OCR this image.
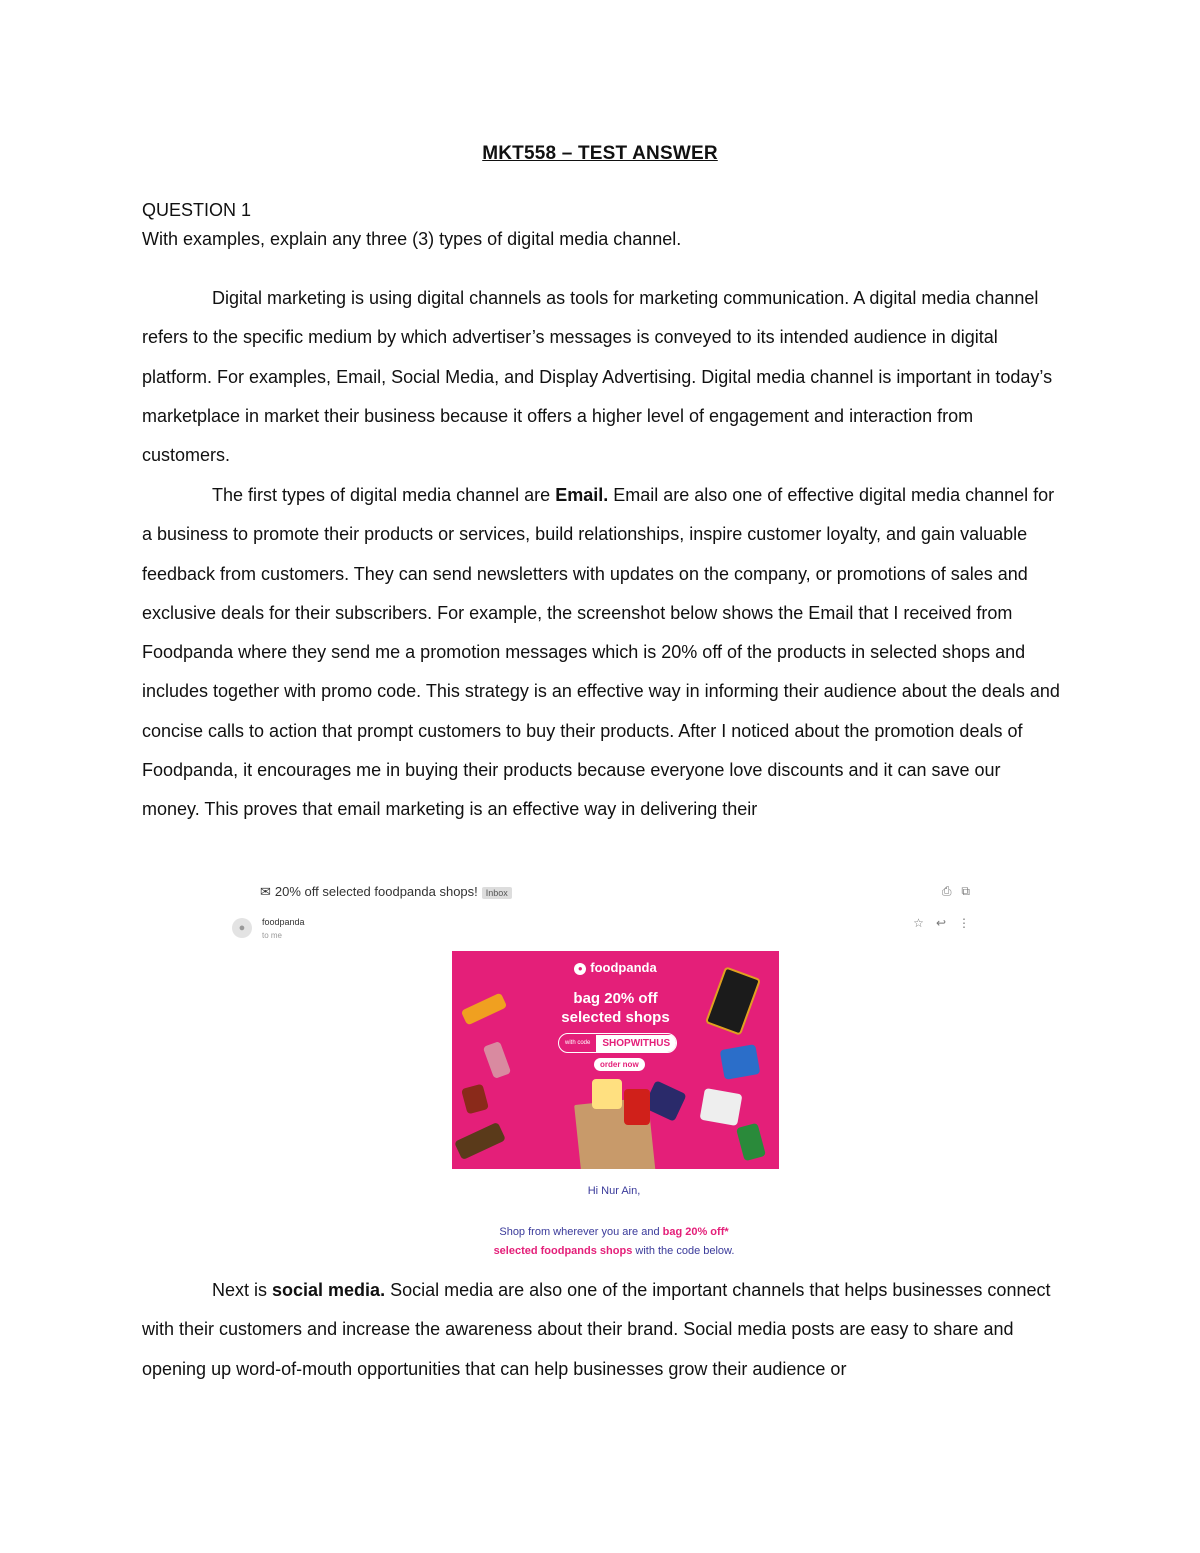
MKT558 – TEST ANSWER
QUESTION 1
With examples, explain any three (3) types of digital media channel.

Digital marketing is using digital channels as tools for marketing communication. A digital media channel refers to the specific medium by which advertiser’s messages is conveyed to its intended audience in digital platform. For examples, Email, Social Media, and Display Advertising. Digital media channel is important in today’s marketplace in market their business because it offers a higher level of engagement and interaction from customers.

The first types of digital media channel are Email. Email are also one of effective digital media channel for a business to promote their products or services, build relationships, inspire customer loyalty, and gain valuable feedback from customers. They can send newsletters with updates on the company, or promotions of sales and exclusive deals for their subscribers. For example, the screenshot below shows the Email that I received from Foodpanda where they send me a promotion messages which is 20% off of the products in selected shops and includes together with promo code. This strategy is an effective way in informing their audience about the deals and concise calls to action that prompt customers to buy their products. After I noticed about the promotion deals of Foodpanda, it encourages me in buying their products because everyone love discounts and it can save our money. This proves that email marketing is an effective way in delivering their

✉ 20% off selected foodpanda shops! Inbox	⎙ ⧉
●	foodpanda
to me
☆ ↩ ⋮
● foodpanda
bag 20% off
selected shops
with code	SHOPWITHUS
order now
Hi Nur Ain,
Shop from wherever you are and bag 20% off*
selected foodpands shops with the code below.

Next is social media. Social media are also one of the important channels that helps businesses connect with their customers and increase the awareness about their brand. Social media posts are easy to share and opening up word-of-mouth opportunities that can help businesses grow their audience or
